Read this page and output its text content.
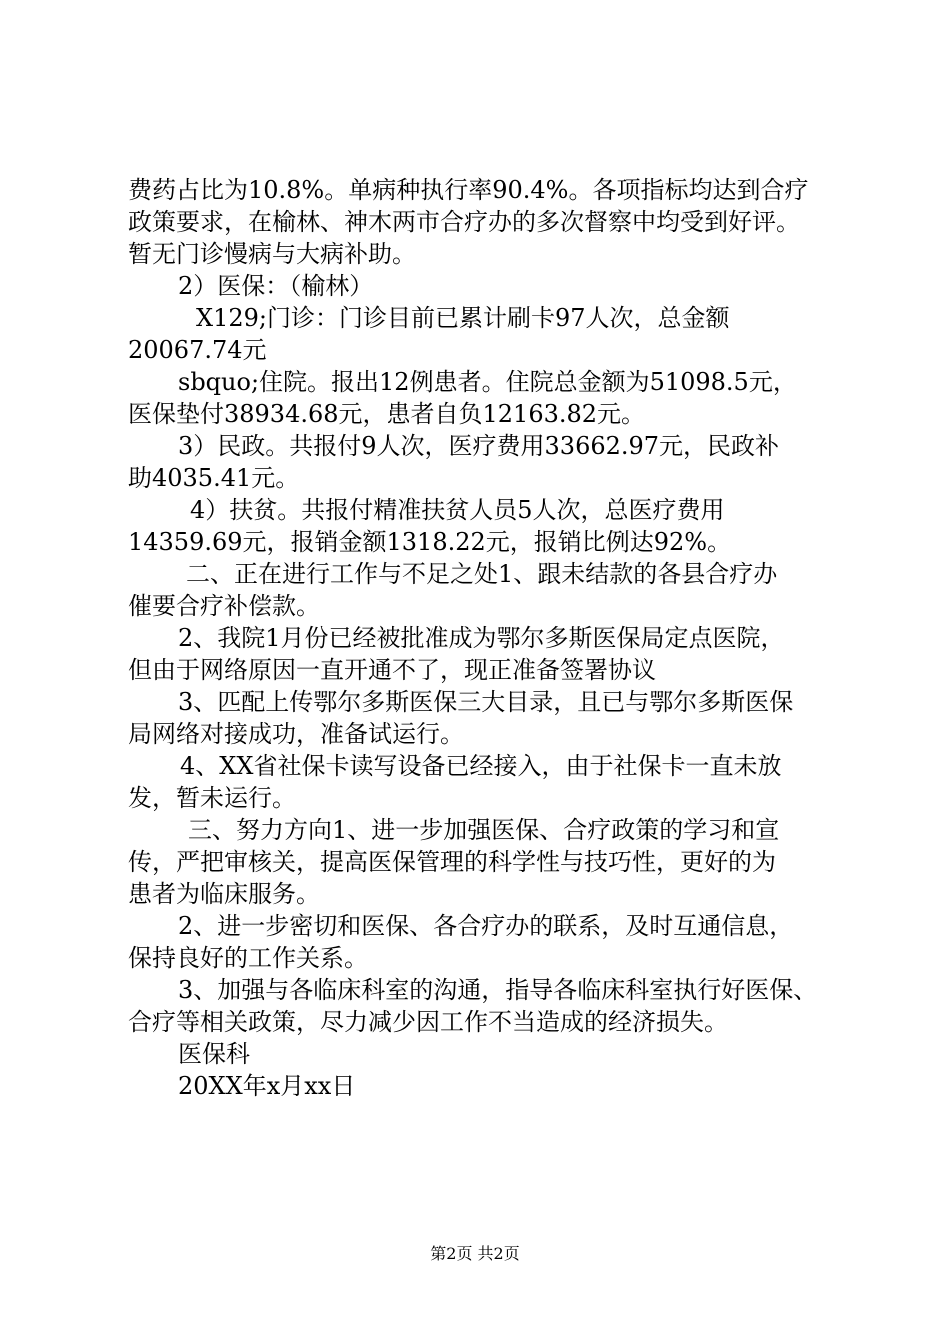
费药占比为10.8%。单病种执行率90.4%。各项指标均达到合疗
政策要求，在榆林、神木两市合疗办的多次督察中均受到好评。
暂无门诊慢病与大病补助。
2）医保：（榆林）
X129;门诊：门诊目前已累计刷卡97人次，总金额
20067.74元
sbquo;住院。报出12例患者。住院总金额为51098.5元，
医保垫付38934.68元，患者自负12163.82元。
3）民政。共报付9人次，医疗费用33662.97元，民政补
助4035.41元。
4）扶贫。共报付精准扶贫人员5人次，总医疗费用
14359.69元，报销金额1318.22元，报销比例达92%。
二、正在进行工作与不足之处1、跟未结款的各县合疗办
催要合疗补偿款。
2、我院1月份已经被批准成为鄂尔多斯医保局定点医院，
但由于网络原因一直开通不了，现正准备签署协议
3、匹配上传鄂尔多斯医保三大目录，且已与鄂尔多斯医保
局网络对接成功，准备试运行。
4、XX省社保卡读写设备已经接入，由于社保卡一直未放
发，暂未运行。
三、努力方向1、进一步加强医保、合疗政策的学习和宣
传，严把审核关，提高医保管理的科学性与技巧性，更好的为
患者为临床服务。
2、进一步密切和医保、各合疗办的联系，及时互通信息，
保持良好的工作关系。
3、加强与各临床科室的沟通，指导各临床科室执行好医保、
合疗等相关政策，尽力减少因工作不当造成的经济损失。
医保科
20XX年x月xx日
第2页 共2页
